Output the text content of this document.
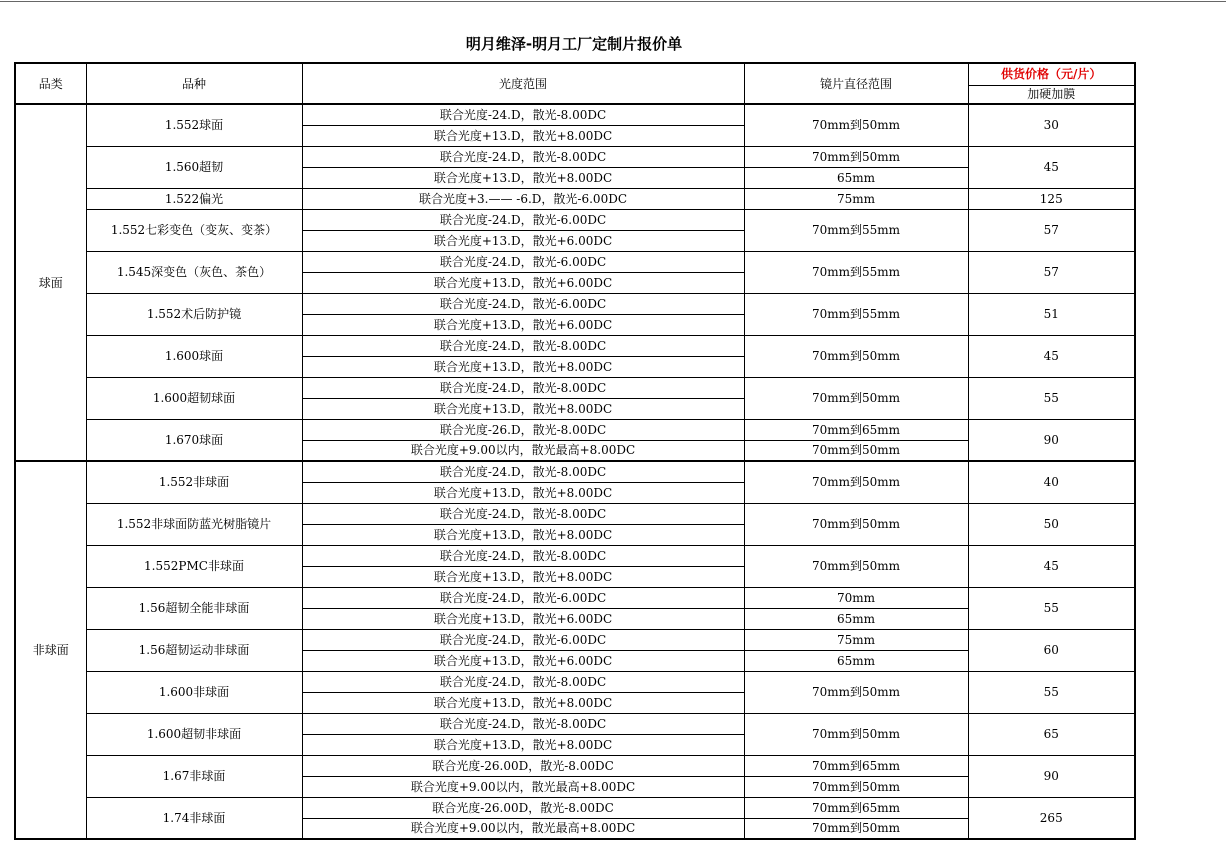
明月维泽-明月工厂定制片报价单
品类	品种	光度范围	镜片直径范围	供货价格（元/片）
				加硬加膜
球面	1.552球面	联合光度-24.D，散光-8.00DC	70mm到50mm	30
		联合光度+13.D，散光+8.00DC		
	1.560超韧	联合光度-24.D，散光-8.00DC	70mm到50mm	45
		联合光度+13.D，散光+8.00DC	65mm	
	1.522偏光	联合光度+3.—— -6.D，散光-6.00DC	75mm	125
	1.552七彩变色（变灰、变茶）	联合光度-24.D，散光-6.00DC	70mm到55mm	57
		联合光度+13.D，散光+6.00DC		
	1.545深变色（灰色、茶色）	联合光度-24.D，散光-6.00DC	70mm到55mm	57
		联合光度+13.D，散光+6.00DC		
	1.552术后防护镜	联合光度-24.D，散光-6.00DC	70mm到55mm	51
		联合光度+13.D，散光+6.00DC		
	1.600球面	联合光度-24.D，散光-8.00DC	70mm到50mm	45
		联合光度+13.D，散光+8.00DC		
	1.600超韧球面	联合光度-24.D，散光-8.00DC	70mm到50mm	55
		联合光度+13.D，散光+8.00DC		
	1.670球面	联合光度-26.D，散光-8.00DC	70mm到65mm	90
		联合光度+9.00以内，散光最高+8.00DC	70mm到50mm	
非球面	1.552非球面	联合光度-24.D，散光-8.00DC	70mm到50mm	40
		联合光度+13.D，散光+8.00DC		
	1.552非球面防蓝光树脂镜片	联合光度-24.D，散光-8.00DC	70mm到50mm	50
		联合光度+13.D，散光+8.00DC		
	1.552PMC非球面	联合光度-24.D，散光-8.00DC	70mm到50mm	45
		联合光度+13.D，散光+8.00DC		
	1.56超韧全能非球面	联合光度-24.D，散光-6.00DC	70mm	55
		联合光度+13.D，散光+6.00DC	65mm	
	1.56超韧运动非球面	联合光度-24.D，散光-6.00DC	75mm	60
		联合光度+13.D，散光+6.00DC	65mm	
	1.600非球面	联合光度-24.D，散光-8.00DC	70mm到50mm	55
		联合光度+13.D，散光+8.00DC		
	1.600超韧非球面	联合光度-24.D，散光-8.00DC	70mm到50mm	65
		联合光度+13.D，散光+8.00DC		
	1.67非球面	联合光度-26.00D，散光-8.00DC	70mm到65mm	90
		联合光度+9.00以内，散光最高+8.00DC	70mm到50mm	
	1.74非球面	联合光度-26.00D，散光-8.00DC	70mm到65mm	265
		联合光度+9.00以内，散光最高+8.00DC	70mm到50mm	
